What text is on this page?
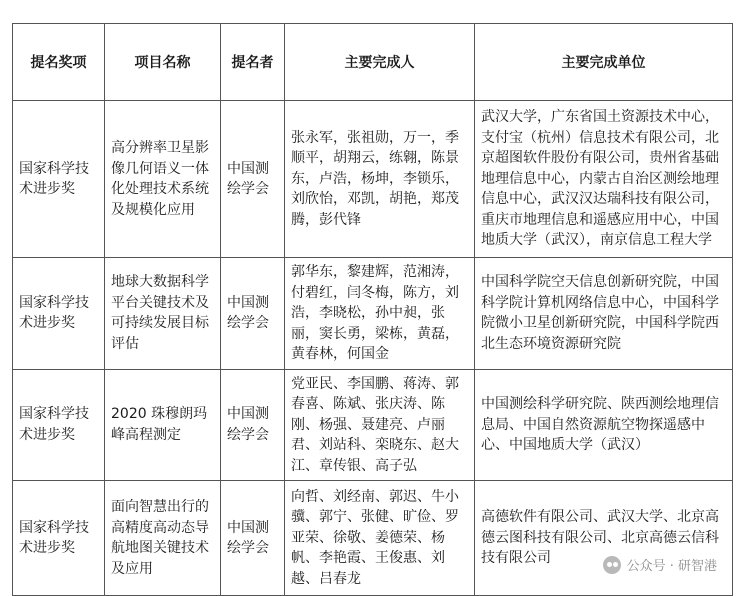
提名奖项	项目名称	提名者	主要完成人	主要完成单位
国家科学技术进步奖	高分辨率卫星影像几何语义一体化处理技术系统及规模化应用	中国测绘学会	张永军，张祖勋，万一，季顺平，胡翔云，练翱，陈景东，卢浩，杨坤，李锁乐，刘欣怡，邓凯，胡艳，郑茂腾，彭代锋	武汉大学，广东省国土资源技术中心，支付宝（杭州）信息技术有限公司，北京超图软件股份有限公司，贵州省基础地理信息中心，内蒙古自治区测绘地理信息中心，武汉汉达瑞科技有限公司，重庆市地理信息和遥感应用中心，中国地质大学（武汉），南京信息工程大学
国家科学技术进步奖	地球大数据科学平台关键技术及可持续发展目标评估	中国测绘学会	郭华东，黎建辉，范湘涛，付碧红，闫冬梅，陈方，刘浩，李晓松，孙中昶，张丽，窦长勇，梁栋，黄磊，黄春林，何国金	中国科学院空天信息创新研究院，中国科学院计算机网络信息中心，中国科学院微小卫星创新研究院，中国科学院西北生态环境资源研究院
国家科学技术进步奖	2020 珠穆朗玛峰高程测定	中国测绘学会	党亚民、李国鹏、蒋涛、郭春喜、陈斌、张庆涛、陈刚、杨强、聂建亮、卢丽君、刘站科、栾晓东、赵大江、章传银、高子弘	中国测绘科学研究院、陕西测绘地理信息局、中国自然资源航空物探遥感中心、中国地质大学（武汉）
国家科学技术进步奖	面向智慧出行的高精度高动态导航地图关键技术及应用	中国测绘学会	向哲、刘经南、郭迟、牛小骥、郭宁、张健、旷俭、罗亚荣、徐敬、姜德荣、杨帆、李艳霞、王俊惠、刘越、吕春龙	高德软件有限公司、武汉大学、北京高德云图科技有限公司、北京高德云信科技有限公司
公众号 · 研智港
